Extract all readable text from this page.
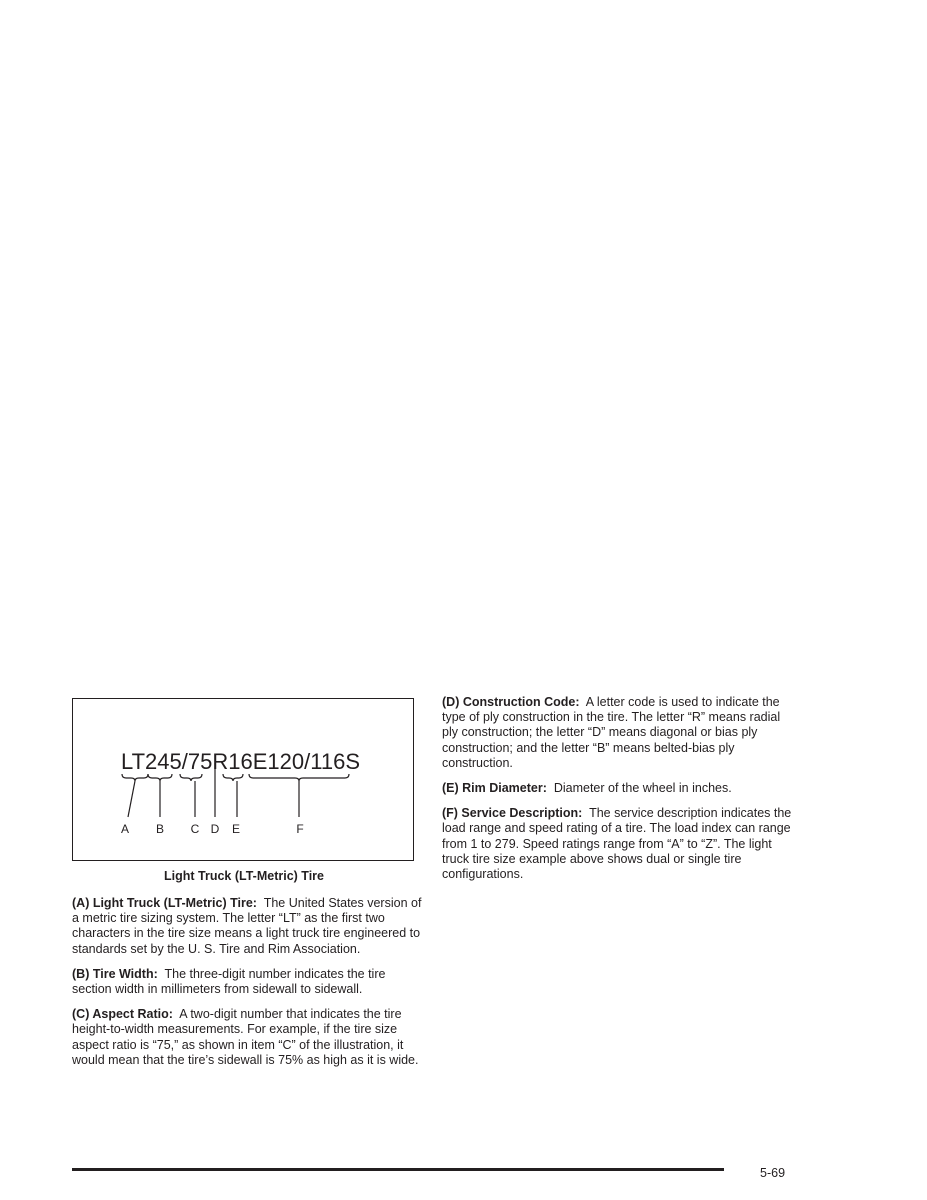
LT245/75R16E120/116S
A B C D E	F
Light Truck (LT-Metric) Tire

(A) Light Truck (LT-Metric) Tire: The United States version of a metric tire sizing system. The letter “LT” as the first two characters in the tire size means a light truck tire engineered to standards set by the U. S. Tire and Rim Association.

(B) Tire Width: The three-digit number indicates the tire section width in millimeters from sidewall to sidewall.

(C) Aspect Ratio: A two-digit number that indicates the tire height-to-width measurements. For example, if the tire size aspect ratio is “75,” as shown in item “C” of the illustration, it would mean that the tire’s sidewall is 75% as high as it is wide.

(D) Construction Code: A letter code is used to indicate the type of ply construction in the tire. The letter “R” means radial ply construction; the letter “D” means diagonal or bias ply construction; and the letter “B” means belted-bias ply construction.

(E) Rim Diameter: Diameter of the wheel in inches.

(F) Service Description: The service description indicates the load range and speed rating of a tire. The load index can range from 1 to 279. Speed ratings range from “A” to “Z”. The light truck tire size example above shows dual or single tire configurations.

5-69
